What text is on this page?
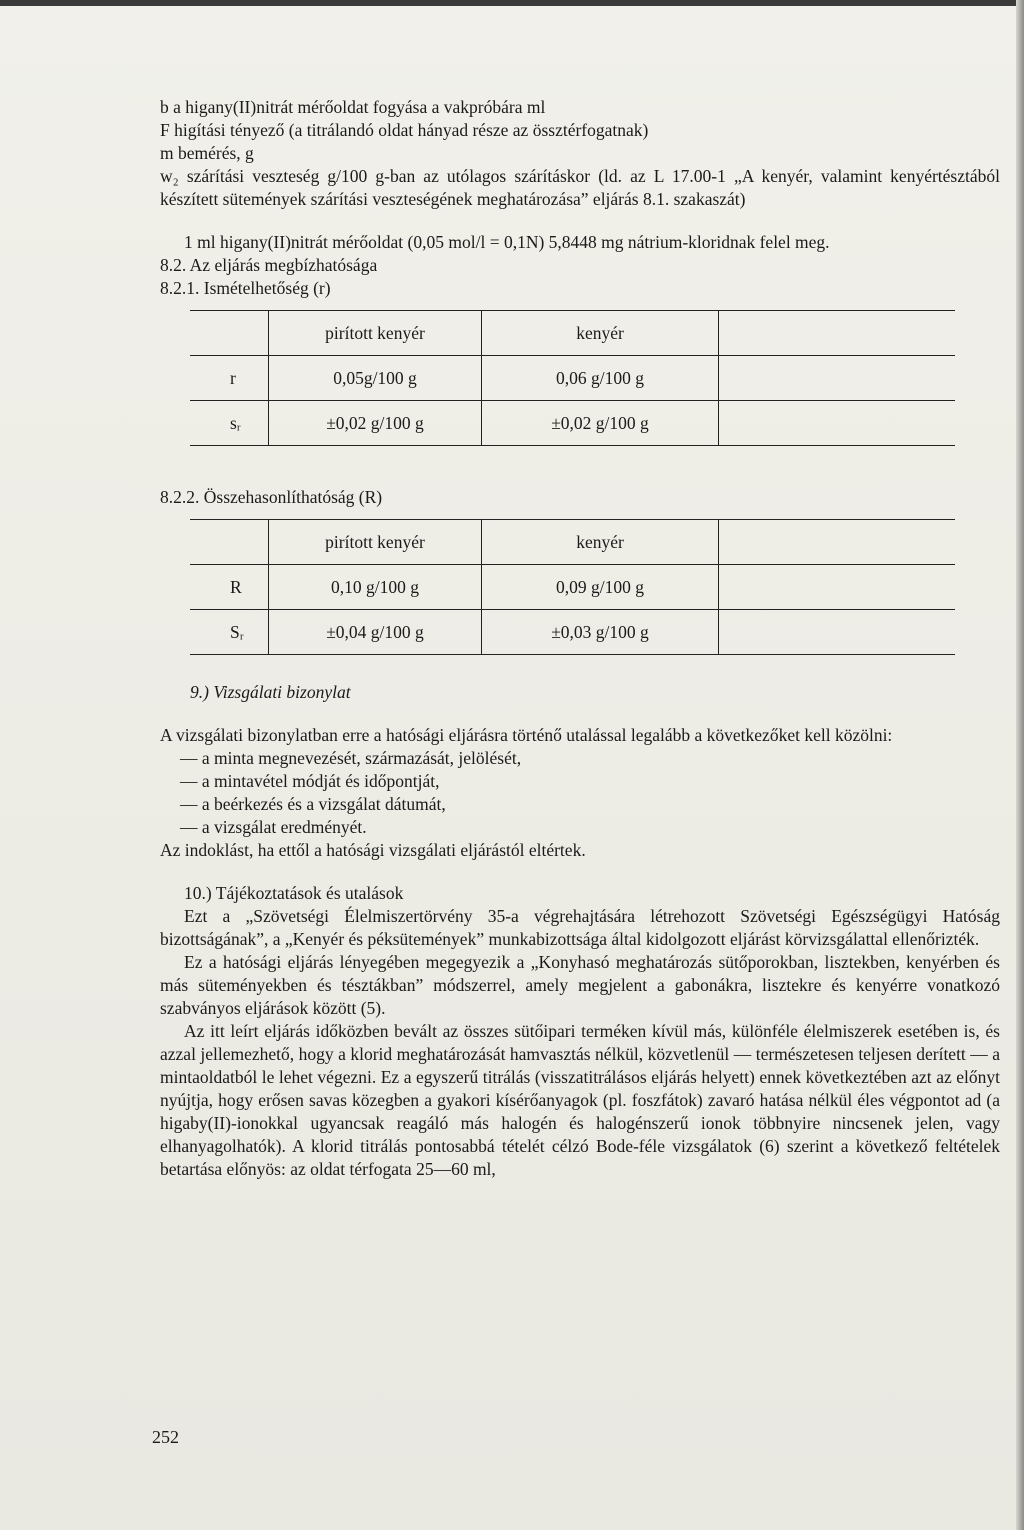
b a higany(II)nitrát mérőoldat fogyása a vakpróbára ml

F higítási tényező (a titrálandó oldat hányad része az össztérfogatnak)

m bemérés, g

w₂ szárítási veszteség g/100 g-ban az utólagos szárításkor (ld. az L 17.00-1 „A kenyér, valamint kenyértésztából készített sütemények szárítási veszteségének meghatározása” eljárás 8.1. szakaszát)

1 ml higany(II)nitrát mérőoldat (0,05 mol/l = 0,1N) 5,8448 mg nátrium-kloridnak felel meg.

8.2. Az eljárás megbízhatósága

8.2.1. Ismételhetőség (r)

	pirított kenyér	kenyér	
r	0,05g/100 g	0,06 g/100 g	
sᵣ	±0,02 g/100 g	±0,02 g/100 g	

8.2.2. Összehasonlíthatóság (R)

	pirított kenyér	kenyér	
R	0,10 g/100 g	0,09 g/100 g	
Sᵣ	±0,04 g/100 g	±0,03 g/100 g	

9.) Vizsgálati bizonylat

A vizsgálati bizonylatban erre a hatósági eljárásra történő utalással legalább a következőket kell közölni:

— a minta megnevezését, származását, jelölését,

— a mintavétel módját és időpontját,

— a beérkezés és a vizsgálat dátumát,

— a vizsgálat eredményét.

Az indoklást, ha ettől a hatósági vizsgálati eljárástól eltértek.

10.) Tájékoztatások és utalások

Ezt a „Szövetségi Élelmiszertörvény 35-a végrehajtására létrehozott Szövetségi Egészségügyi Hatóság bizottságának”, a „Kenyér és péksütemények” munkabizottsága által kidolgozott eljárást körvizsgálattal ellenőrizték.

Ez a hatósági eljárás lényegében megegyezik a „Konyhasó meghatározás sütőporokban, lisztekben, kenyérben és más süteményekben és tésztákban” módszerrel, amely megjelent a gabonákra, lisztekre és kenyérre vonatkozó szabványos eljárások között (5).

Az itt leírt eljárás időközben bevált az összes sütőipari terméken kívül más, különféle élelmiszerek esetében is, és azzal jellemezhető, hogy a klorid meghatározását hamvasztás nélkül, közvetlenül — természetesen teljesen derített — a mintaoldatból le lehet végezni. Ez a egyszerű titrálás (visszatitrálásos eljárás helyett) ennek következtében azt az előnyt nyújtja, hogy erősen savas közegben a gyakori kísérőanyagok (pl. foszfátok) zavaró hatása nélkül éles végpontot ad (a higaby(II)-ionokkal ugyancsak reagáló más halogén és halogénszerű ionok többnyire nincsenek jelen, vagy elhanyagolhatók). A klorid titrálás pontosabbá tételét célzó Bode-féle vizsgálatok (6) szerint a következő feltételek betartása előnyös: az oldat térfogata 25—60 ml,

252
